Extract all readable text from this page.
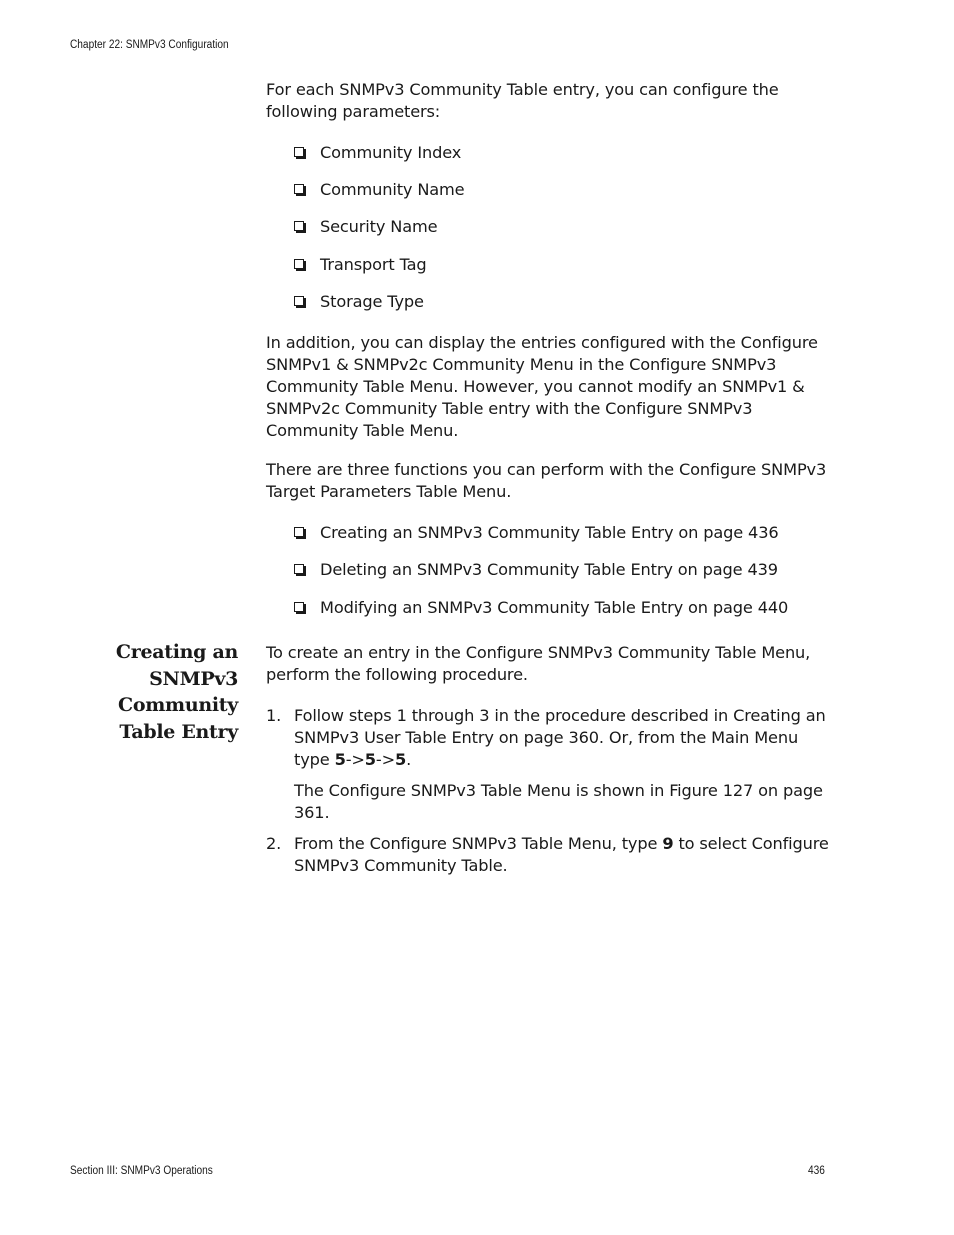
Chapter 22: SNMPv3 Configuration

For each SNMPv3 Community Table entry, you can configure the following parameters:

Community Index
Community Name
Security Name
Transport Tag
Storage Type

In addition, you can display the entries configured with the Configure SNMPv1 & SNMPv2c Community Menu in the Configure SNMPv3 Community Table Menu. However, you cannot modify an SNMPv1 & SNMPv2c Community Table entry with the Configure SNMPv3 Community Table Menu.

There are three functions you can perform with the Configure SNMPv3 Target Parameters Table Menu.

Creating an SNMPv3 Community Table Entry on page 436
Deleting an SNMPv3 Community Table Entry on page 439
Modifying an SNMPv3 Community Table Entry on page 440
Creating an
SNMPv3
Community
Table Entry

To create an entry in the Configure SNMPv3 Community Table Menu, perform the following procedure.

1. Follow steps 1 through 3 in the procedure described in Creating an SNMPv3 User Table Entry on page 360. Or, from the Main Menu type 5->5->5.
The Configure SNMPv3 Table Menu is shown in Figure 127 on page 361.
2. From the Configure SNMPv3 Table Menu, type 9 to select Configure SNMPv3 Community Table.
Section III: SNMPv3 Operations	436
